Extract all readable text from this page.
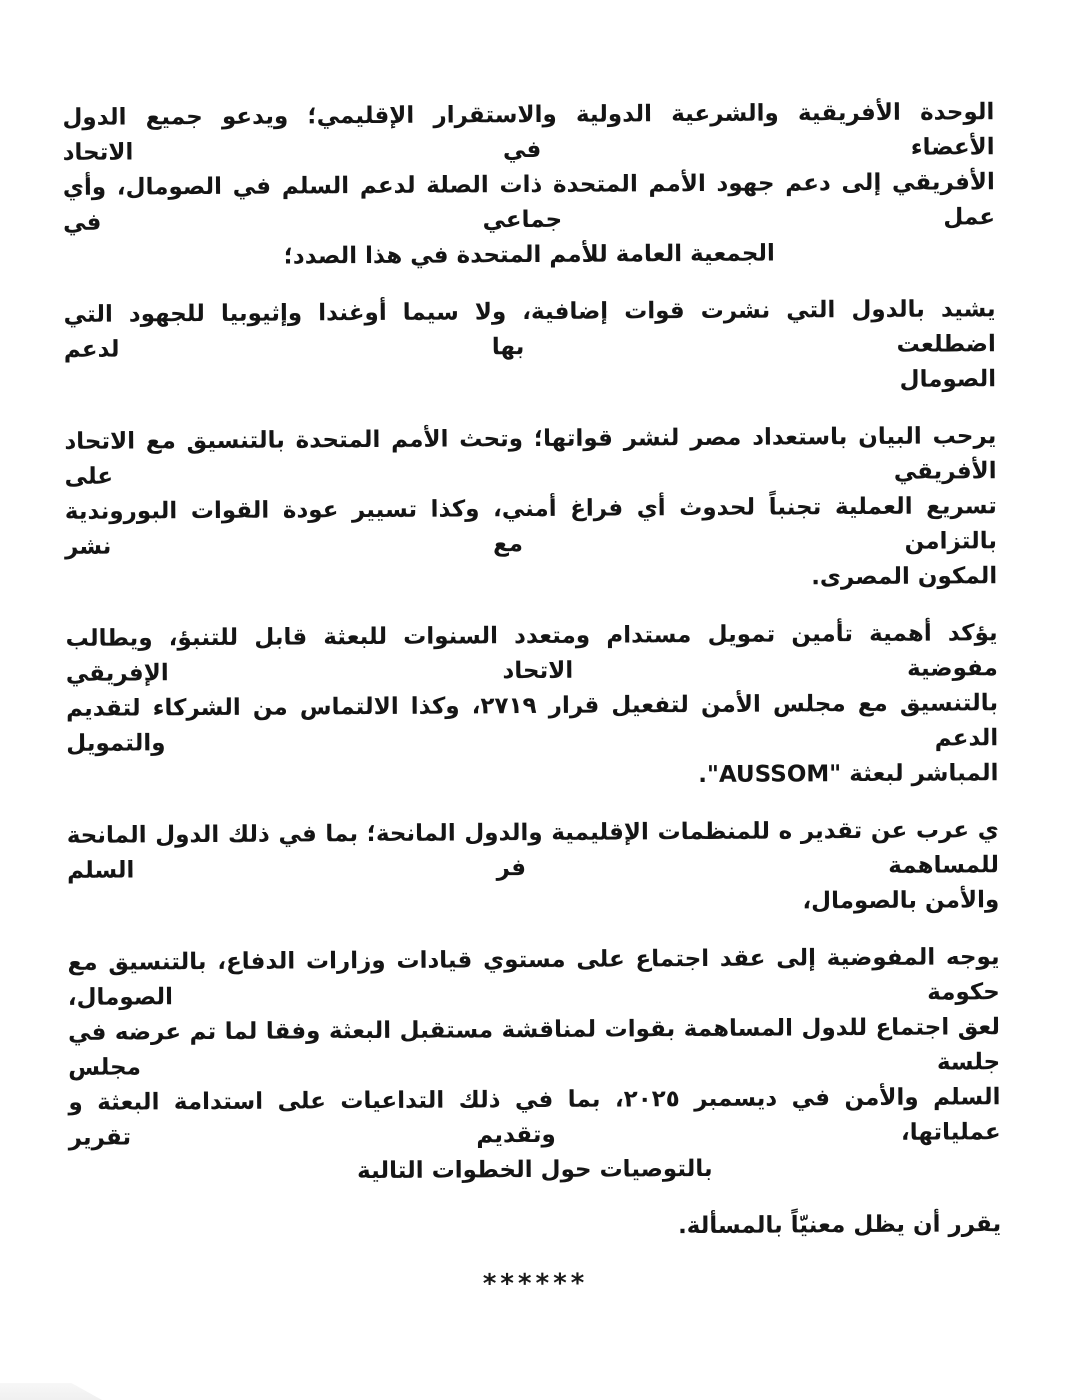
الوحدة الأفريقية والشرعية الدولية والاستقرار الإقليمي؛ ويدعو جميع الدول الأعضاء في الاتحاد
الأفريقي إلى دعم جهود الأمم المتحدة ذات الصلة لدعم السلم في الصومال، وأي عمل جماعي في
الجمعية العامة للأمم المتحدة في هذا الصدد؛
يشيد بالدول التي نشرت قوات إضافية، ولا سيما أوغندا وإثيوبيا للجهود التي اضطلعت بها لدعم
الصومال
يرحب البيان باستعداد مصر لنشر قواتها؛ وتحث الأمم المتحدة بالتنسيق مع الاتحاد الأفريقي على
تسريع العملية تجنباً لحدوث أي فراغ أمني، وكذا تسيير عودة القوات البوروندية بالتزامن مع نشر
المكون المصرى.
يؤكد أهمية تأمين تمويل مستدام ومتعدد السنوات للبعثة قابل للتنبؤ، ويطالب مفوضية الاتحاد الإفريقي
بالتنسيق مع مجلس الأمن لتفعيل قرار ٢٧١٩، وكذا الالتماس من الشركاء لتقديم الدعم والتمويل
المباشر لبعثة "AUSSOM".
ي عرب عن تقدير ه للمنظمات الإقليمية والدول المانحة؛ بما في ذلك الدول المانحة للمساهمة فر السلم
والأمن بالصومال،
يوجه المفوضية إلى عقد اجتماع على مستوي قيادات وزارات الدفاع، بالتنسيق مع حكومة الصومال،
لعق اجتماع للدول المساهمة بقوات لمناقشة مستقبل البعثة وفقا لما تم عرضه في جلسة مجلس
السلم والأمن في ديسمبر ٢٠٢٥، بما في ذلك التداعيات على استدامة البعثة و عملياتها، وتقديم تقرير
بالتوصيات حول الخطوات التالية
يقرر أن يظل معنيّاً بالمسألة.
******
